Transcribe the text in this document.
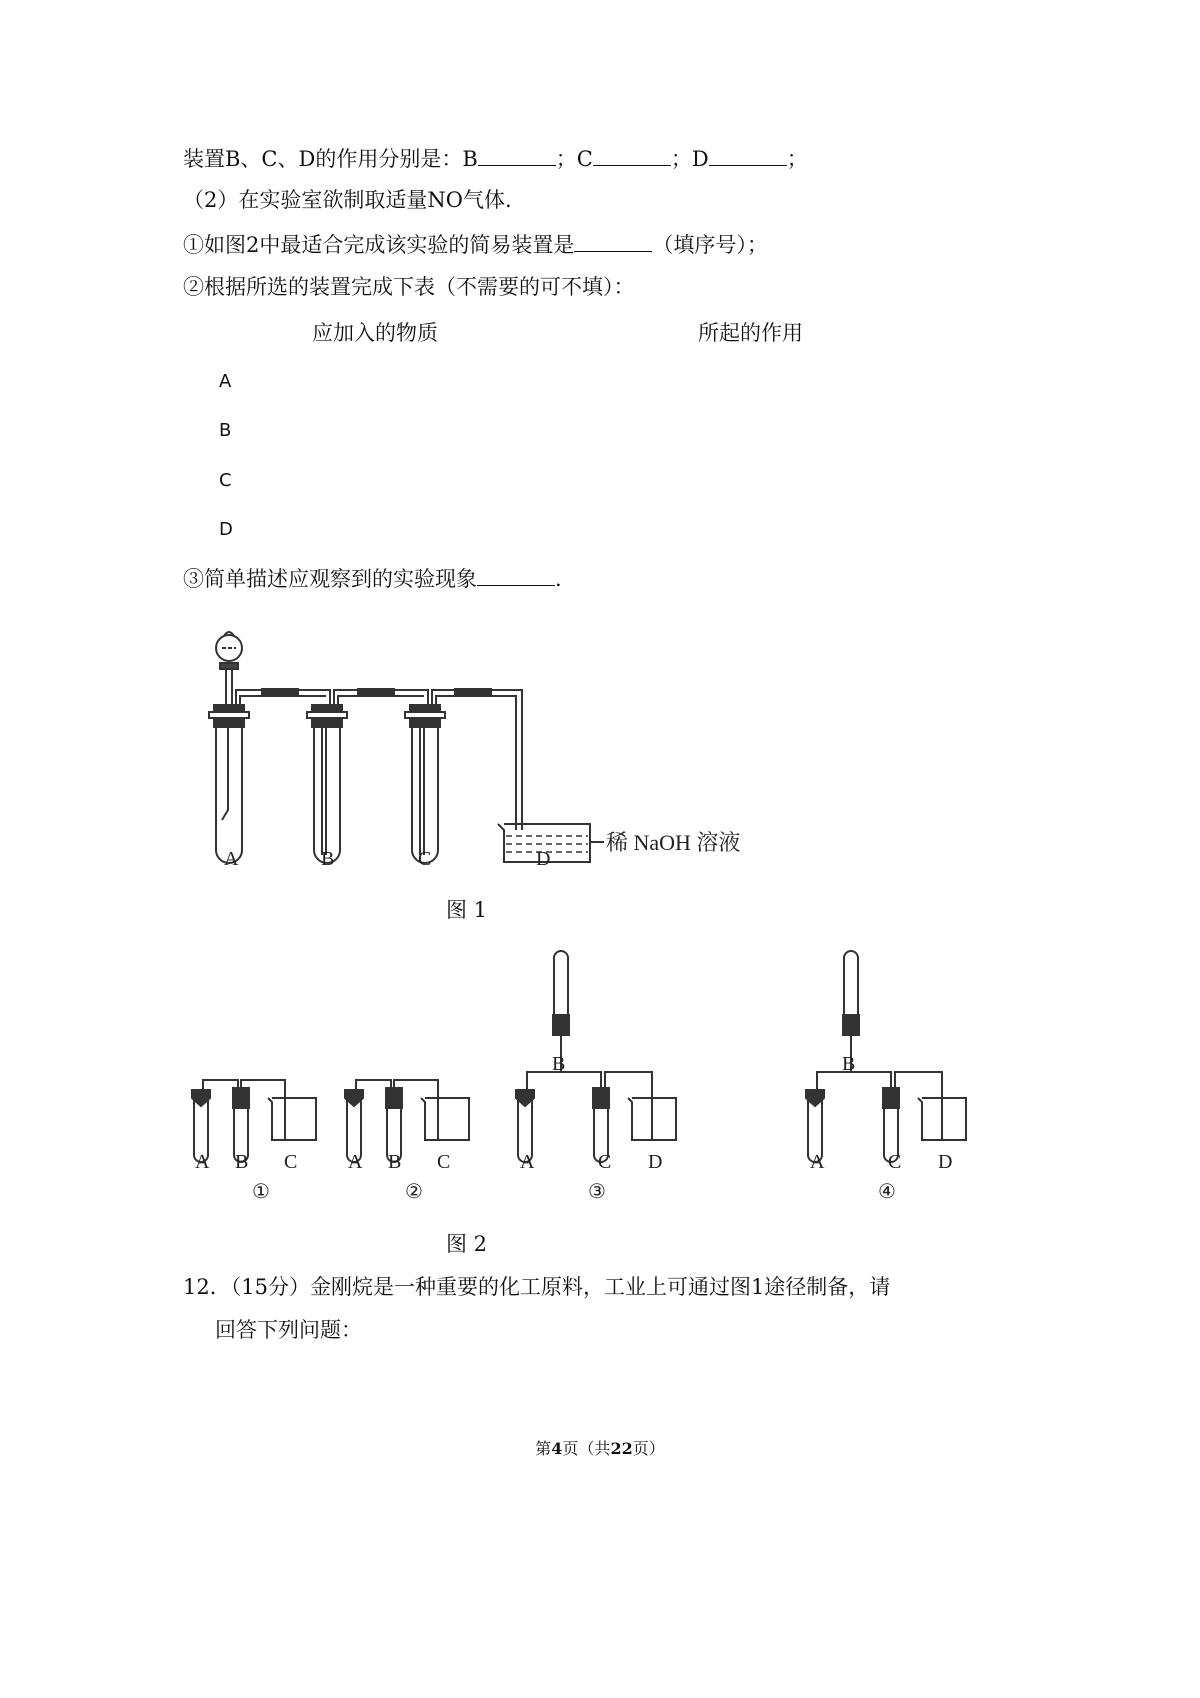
装置B、C、D的作用分别是：B	；C	；D	；
（2）在实验室欲制取适量NO气体.
①如图2中最适合完成该实验的简易装置是	（填序号）；
②根据所选的装置完成下表（不需要的可不填）：
应加入的物质	所起的作用
A
B
C
D
③简单描述应观察到的实验现象	.
稀 NaOH 溶液
A	B	C	D
图 1
A B C
①
A B C
②
A
B
C D
③
A
B
C D
④
图 2
12．（15分）金刚烷是一种重要的化工原料，工业上可通过图1途径制备，请
回答下列问题：
第4页（共22页）
